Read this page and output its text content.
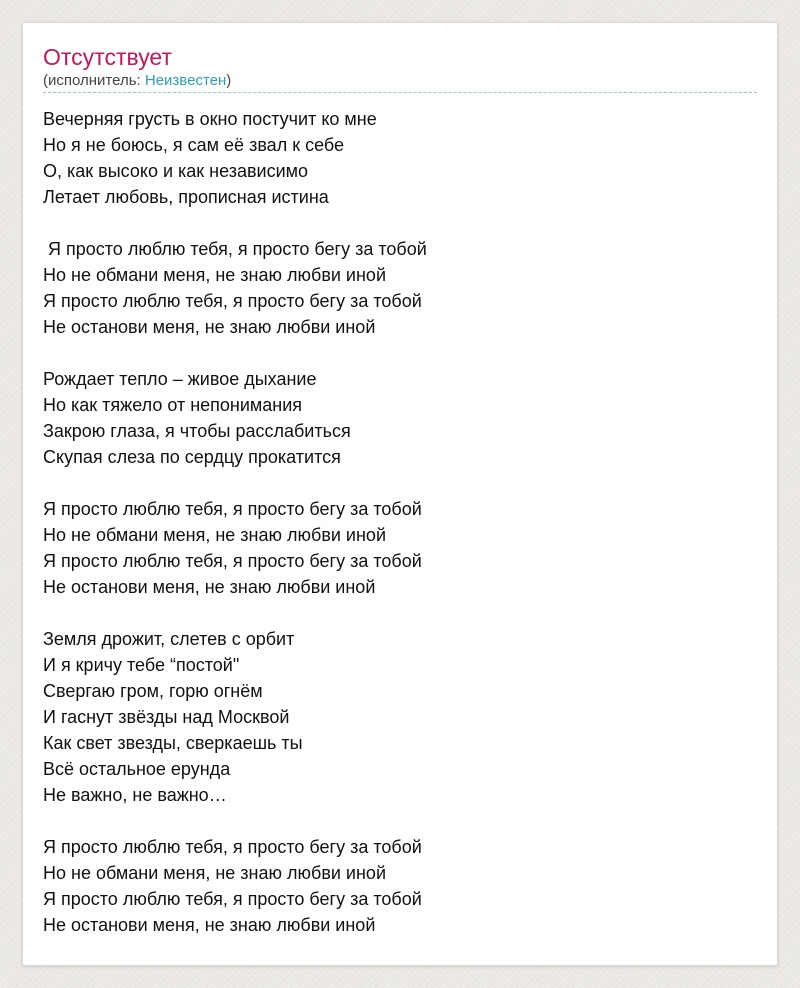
Отсутствует
(исполнитель: Неизвестен)
Вечерняя грусть в окно постучит ко мне
Но я не боюсь, я сам её звал к себе
О, как высоко и как независимо
Летает любовь, прописная истина
Я просто люблю тебя, я просто бегу за тобой
Но не обмани меня, не знаю любви иной
Я просто люблю тебя, я просто бегу за тобой
Не останови меня, не знаю любви иной
Рождает тепло – живое дыхание
Но как тяжело от непонимания
Закрою глаза, я чтобы расслабиться
Скупая слеза по сердцу прокатится
Я просто люблю тебя, я просто бегу за тобой
Но не обмани меня, не знаю любви иной
Я просто люблю тебя, я просто бегу за тобой
Не останови меня, не знаю любви иной
Земля дрожит, слетев с орбит
И я кричу тебе “постой"
Свергаю гром, горю огнём
И гаснут звёзды над Москвой
Как свет звезды, сверкаешь ты
Всё остальное ерунда
Не важно, не важно…
Я просто люблю тебя, я просто бегу за тобой
Но не обмани меня, не знаю любви иной
Я просто люблю тебя, я просто бегу за тобой
Не останови меня, не знаю любви иной
